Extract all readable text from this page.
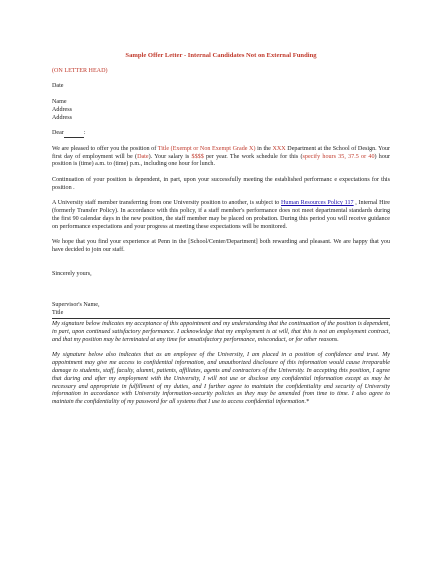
Sample Offer Letter - Internal Candidates Not on External Funding

(ON LETTER HEAD)

Date

Name

Address

Address

Dear	:

We are pleased to offer you the position of Title (Exempt or Non Exempt Grade X) in the XXX Department at the School of Design. Your first day of employment will be (Date). Your salary is $$$$ per year. The work schedule for this (specify hours 35, 37.5 or 40) hour position is (time) a.m. to (time) p.m., including one hour for lunch.

Continuation of your position is dependent, in part, upon your successfully meeting the established performanc e expectations for this position .

A University staff member transferring from one University position to another, is subject to Human Resources Policy 117 , Internal Hire (formerly Transfer Policy). In accordance with this policy, if a staff member's performance does not meet departmental standards during the first 90 calendar days in the new position, the staff member may be placed on probation. During this period you will receive guidance on performance expectations and your progress at meeting these expectations will be monitored.

We hope that you find your experience at Penn in the [School/Center/Department] both rewarding and pleasant. We are happy that you have decided to join our staff.

Sincerely yours,

Supervisor's Name,

Title

My signature below indicates my acceptance of this appointment and my understanding that the continuation of the position is dependent, in part, upon continued satisfactory performance. I acknowledge that my employment is at will, that this is not an employment contract, and that my position may be terminated at any time for unsatisfactory performance, misconduct, or for other reasons.

My signature below also indicates that as an employee of the University, I am placed in a position of confidence and trust. My appointment may give me access to confidential information, and unauthorized disclosure of this information would cause irreparable damage to students, staff, faculty, alumni, patients, affiliates, agents and contractors of the University. In accepting this position, I agree that during and after my employment with the University, I will not use or disclose any confidential information except as may be necessary and appropriate in fulfillment of my duties, and I further agree to maintain the confidentiality and security of University information in accordance with University information-security policies as they may be amended from time to time. I also agree to maintain the confidentiality of my password for all systems that I use to access confidential information.*
